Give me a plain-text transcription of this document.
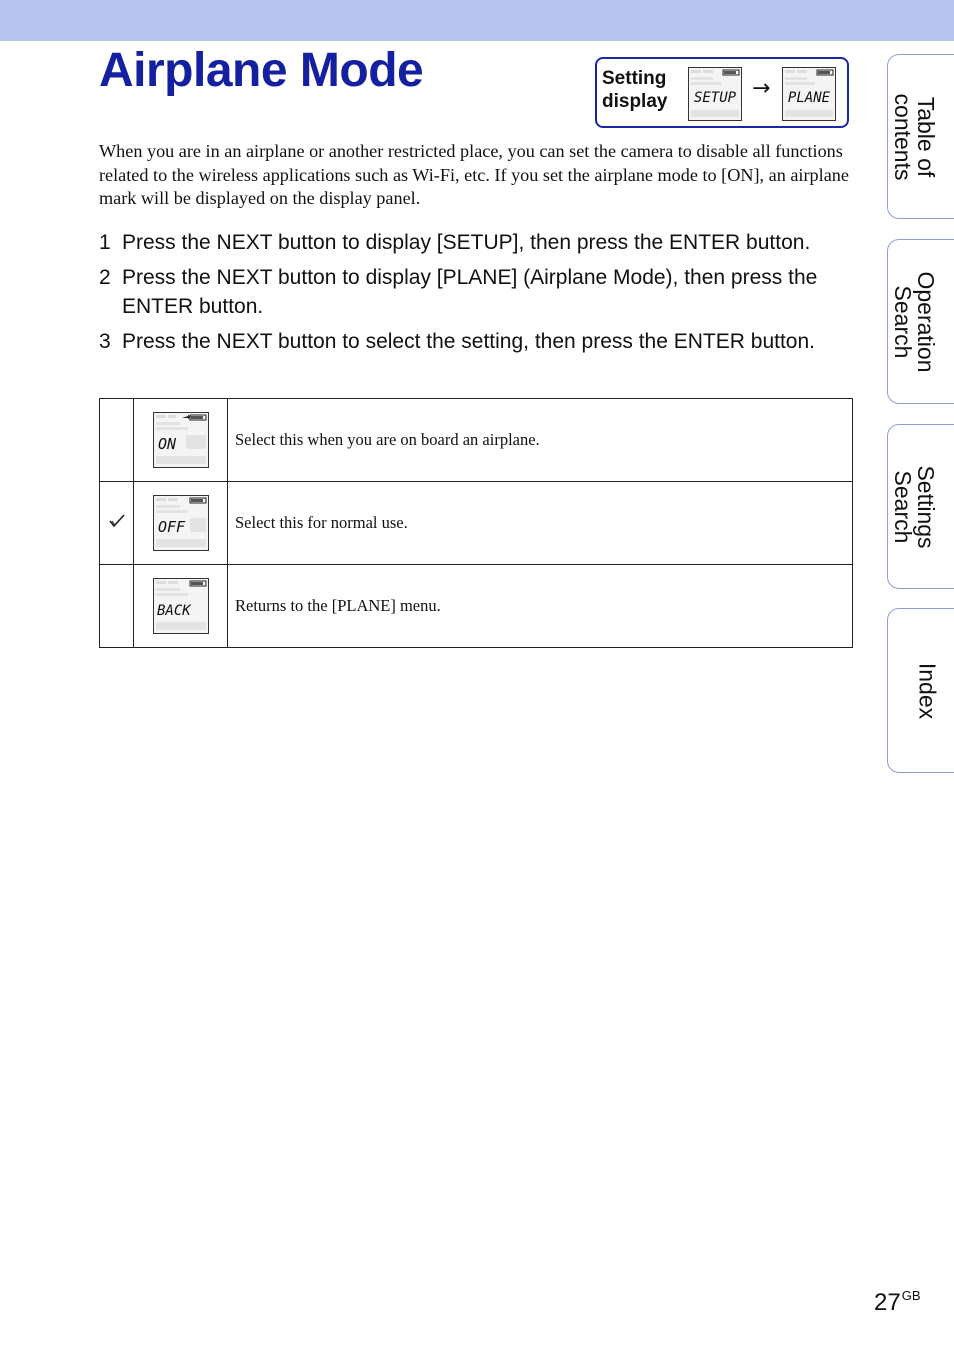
Airplane Mode	Setting
display	SETUP →	PLANE

When you are in an airplane or another restricted place, you can set the camera to disable all functions related to the wireless applications such as Wi-Fi, etc. If you set the airplane mode to [ON], an airplane mark will be displayed on the display panel.

1 Press the NEXT button to display [SETUP], then press the ENTER button.
2 Press the NEXT button to display [PLANE] (Airplane Mode), then press the ENTER button.
3 Press the NEXT button to select the setting, then press the ENTER button.

ON	Select this when you are on board an airplane.

OFF	Select this for normal use.

BACK	Returns to the [PLANE] menu.
Table of
contents
Operation
Search
Settings
Search
Index
$27^{GB}$
